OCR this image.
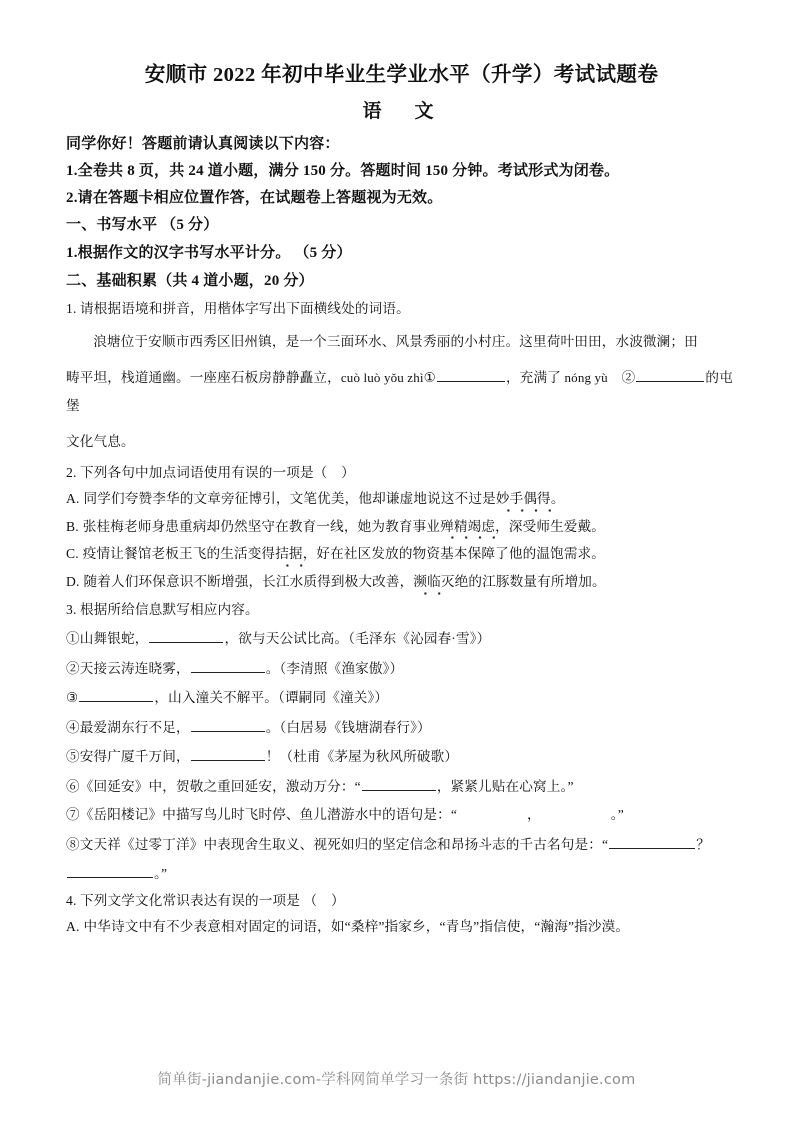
安顺市 2022 年初中毕业生学业水平（升学）考试试题卷
语　文

同学你好！答题前请认真阅读以下内容：

1.全卷共 8 页，共 24 道小题，满分 150 分。答题时间 150 分钟。考试形式为闭卷。

2.请在答题卡相应位置作答，在试题卷上答题视为无效。

一、书写水平 （5 分）

1.根据作文的汉字书写水平计分。 （5 分）

二、基础积累（共 4 道小题，20 分）

1. 请根据语境和拼音，用楷体字写出下面横线处的词语。

浪塘位于安顺市西秀区旧州镇，是一个三面环水、风景秀丽的小村庄。这里荷叶田田，水波微澜；田

畴平坦，栈道通幽。一座座石板房静静矗立，cuò luò yǒu zhì①	，充满了 nóng yù　 ②	的屯堡

文化气息。

2. 下列各句中加点词语使用有误的一项是（　）

A. 同学们夸赞李华的文章旁征博引，文笔优美，他却谦虚地说这不过是妙手偶得。

B. 张桂梅老师身患重病却仍然坚守在教育一线，她为教育事业殚精竭虑，深受师生爱戴。

C. 疫情让餐馆老板王飞的生活变得拮据，好在社区发放的物资基本保障了他的温饱需求。

D. 随着人们环保意识不断增强，长江水质得到极大改善，濒临灭绝的江豚数量有所增加。

3. 根据所给信息默写相应内容。

①山舞银蛇，	，欲与天公试比高。（毛泽东《沁园春·雪》）

②天接云涛连晓雾，	。（李清照《渔家傲》）

③	，山入潼关不解平。（谭嗣同《潼关》）

④最爱湖东行不足，	。（白居易《钱塘湖春行》）

⑤安得广厦千万间，	！（杜甫《茅屋为秋风所破歌）

⑥《回延安》中，贺敬之重回延安，激动万分：“	，紧紧儿贴在心窝上。”

⑦《岳阳楼记》中描写鸟儿时飞时停、鱼儿潜游水中的语句是：“	，	。”

⑧文天祥《过零丁洋》中表现舍生取义、视死如归的坚定信念和昂扬斗志的千古名句是：“	？

。”

4. 下列文学文化常识表达有误的一项是 （　）

A. 中华诗文中有不少表意相对固定的词语，如“桑梓”指家乡，“青鸟”指信使，“瀚海”指沙漠。

简单街-jiandanjie.com-学科网简单学习一条街 https://jiandanjie.com
